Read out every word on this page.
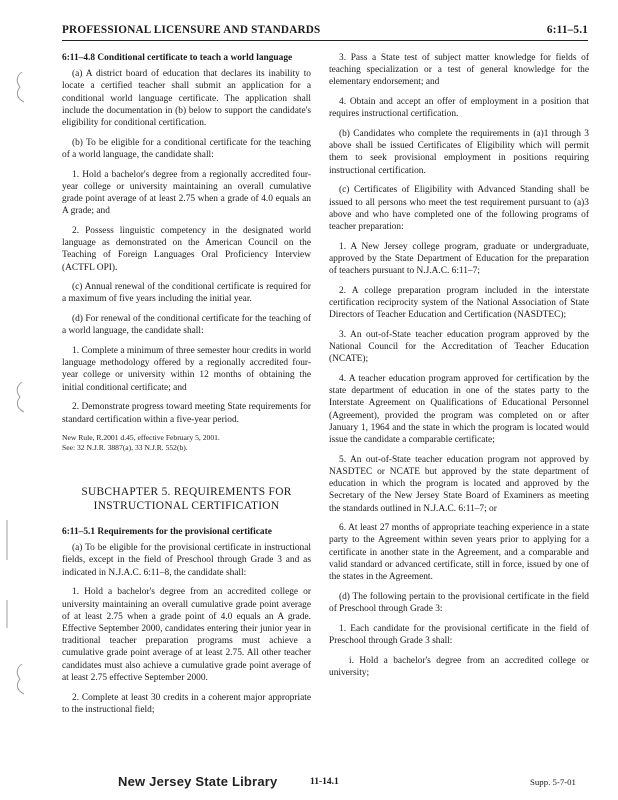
PROFESSIONAL LICENSURE AND STANDARDS	6:11–5.1

6:11–4.8 Conditional certificate to teach a world language

(a) A district board of education that declares its inability to locate a certified teacher shall submit an application for a conditional world language certificate. The application shall include the documentation in (b) below to support the candidate's eligibility for conditional certification.

(b) To be eligible for a conditional certificate for the teaching of a world language, the candidate shall:

1. Hold a bachelor's degree from a regionally accredited four-year college or university maintaining an overall cumulative grade point average of at least 2.75 when a grade of 4.0 equals an A grade; and

2. Possess linguistic competency in the designated world language as demonstrated on the American Council on the Teaching of Foreign Languages Oral Proficiency Interview (ACTFL OPI).

(c) Annual renewal of the conditional certificate is required for a maximum of five years including the initial year.

(d) For renewal of the conditional certificate for the teaching of a world language, the candidate shall:

1. Complete a minimum of three semester hour credits in world language methodology offered by a regionally accredited four-year college or university within 12 months of obtaining the initial conditional certificate; and

2. Demonstrate progress toward meeting State requirements for standard certification within a five-year period.

New Rule, R.2001 d.45, effective February 5, 2001.
See: 32 N.J.R. 3887(a), 33 N.J.R. 552(b).
SUBCHAPTER 5. REQUIREMENTS FOR
INSTRUCTIONAL CERTIFICATION

6:11–5.1 Requirements for the provisional certificate

(a) To be eligible for the provisional certificate in instructional fields, except in the field of Preschool through Grade 3 and as indicated in N.J.A.C. 6:11–8, the candidate shall:

1. Hold a bachelor's degree from an accredited college or university maintaining an overall cumulative grade point average of at least 2.75 when a grade point of 4.0 equals an A grade. Effective September 2000, candidates entering their junior year in traditional teacher preparation programs must achieve a cumulative grade point average of at least 2.75. All other teacher candidates must also achieve a cumulative grade point average of at least 2.75 effective September 2000.

2. Complete at least 30 credits in a coherent major appropriate to the instructional field;

3. Pass a State test of subject matter knowledge for fields of teaching specialization or a test of general knowledge for the elementary endorsement; and

4. Obtain and accept an offer of employment in a position that requires instructional certification.

(b) Candidates who complete the requirements in (a)1 through 3 above shall be issued Certificates of Eligibility which will permit them to seek provisional employment in positions requiring instructional certification.

(c) Certificates of Eligibility with Advanced Standing shall be issued to all persons who meet the test requirement pursuant to (a)3 above and who have completed one of the following programs of teacher preparation:

1. A New Jersey college program, graduate or undergraduate, approved by the State Department of Education for the preparation of teachers pursuant to N.J.A.C. 6:11–7;

2. A college preparation program included in the interstate certification reciprocity system of the National Association of State Directors of Teacher Education and Certification (NASDTEC);

3. An out-of-State teacher education program approved by the National Council for the Accreditation of Teacher Education (NCATE);

4. A teacher education program approved for certification by the state department of education in one of the states party to the Interstate Agreement on Qualifications of Educational Personnel (Agreement), provided the program was completed on or after January 1, 1964 and the state in which the program is located would issue the candidate a comparable certificate;

5. An out-of-State teacher education program not approved by NASDTEC or NCATE but approved by the state department of education in which the program is located and approved by the Secretary of the New Jersey State Board of Examiners as meeting the standards outlined in N.J.A.C. 6:11–7; or

6. At least 27 months of appropriate teaching experience in a state party to the Agreement within seven years prior to applying for a certificate in another state in the Agreement, and a comparable and valid standard or advanced certificate, still in force, issued by one of the states in the Agreement.

(d) The following pertain to the provisional certificate in the field of Preschool through Grade 3:

1. Each candidate for the provisional certificate in the field of Preschool through Grade 3 shall:

i. Hold a bachelor's degree from an accredited college or university;

New Jersey State Library	11-14.1	Supp. 5-7-01
